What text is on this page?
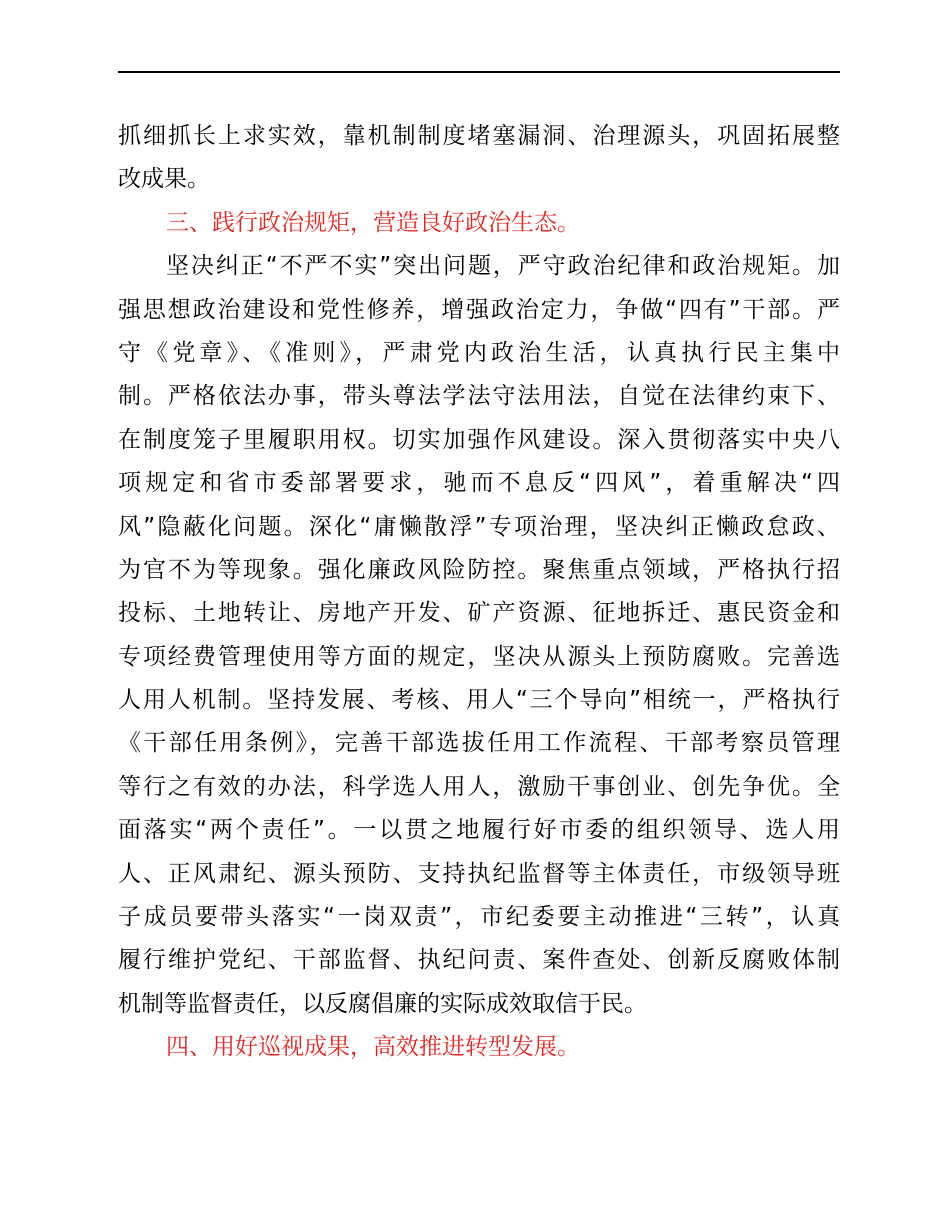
抓细抓长上求实效，靠机制制度堵塞漏洞、治理源头，巩固拓展整
改成果。
三、践行政治规矩，营造良好政治生态。
坚决纠正“不严不实”突出问题，严守政治纪律和政治规矩。加
强思想政治建设和党性修养，增强政治定力，争做“四有”干部。严
守《党章》、《准则》，严肃党内政治生活，认真执行民主集中
制。严格依法办事，带头尊法学法守法用法，自觉在法律约束下、
在制度笼子里履职用权。切实加强作风建设。深入贯彻落实中央八
项规定和省市委部署要求，驰而不息反“四风”，着重解决“四
风”隐蔽化问题。深化“庸懒散浮”专项治理，坚决纠正懒政怠政、
为官不为等现象。强化廉政风险防控。聚焦重点领域，严格执行招
投标、土地转让、房地产开发、矿产资源、征地拆迁、惠民资金和
专项经费管理使用等方面的规定，坚决从源头上预防腐败。完善选
人用人机制。坚持发展、考核、用人“三个导向”相统一，严格执行
《干部任用条例》，完善干部选拔任用工作流程、干部考察员管理
等行之有效的办法，科学选人用人，激励干事创业、创先争优。全
面落实“两个责任”。一以贯之地履行好市委的组织领导、选人用
人、正风肃纪、源头预防、支持执纪监督等主体责任，市级领导班
子成员要带头落实“一岗双责”，市纪委要主动推进“三转”，认真
履行维护党纪、干部监督、执纪问责、案件查处、创新反腐败体制
机制等监督责任，以反腐倡廉的实际成效取信于民。
四、用好巡视成果，高效推进转型发展。
